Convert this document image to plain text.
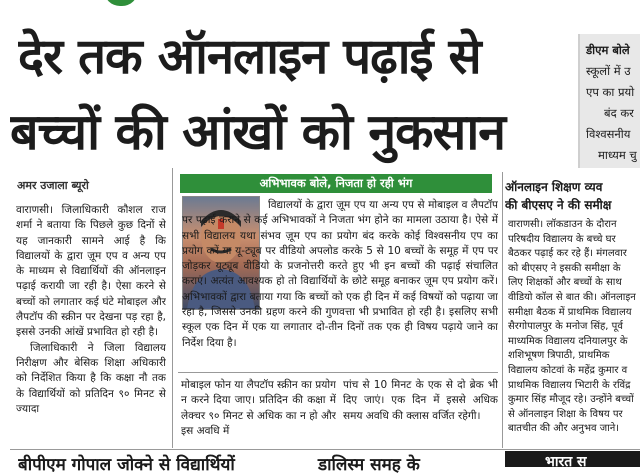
देर तक ऑनलाइन पढ़ाई से
बच्चों की आंखों को नुकसान
डीएम बोले
स्कूलों में उ
एप का प्रयो
बंद कर
विश्वसनीय
माध्यम चु
अमर उजाला ब्यूरो

वाराणसी। जिलाधिकारी कौशल राज शर्मा ने बताया कि पिछले कुछ दिनों से यह जानकारी सामने आई है कि विद्यालयों के द्वारा ज़ूम एप व अन्य एप के माध्यम से विद्यार्थियों की ऑनलाइन पढ़ाई करायी जा रही है। ऐसा करने से बच्चों को लगातार कई घंटे मोबाइल और लैपटॉप की स्क्रीन पर देखना पड़ रहा है, इससे उनकी आंखें प्रभावित हो रही है।

जिलाधिकारी ने जिला विद्यालय निरीक्षण और बेसिक शिक्षा अधिकारी को निर्देशित किया है कि कक्षा नौ तक के विद्यार्थियों को प्रतिदिन ९० मिनट से ज्यादा

अभिभावक बोले, निजता हो रही भंग
विद्यालयों के द्वारा ज़ूम एप या अन्य एप से मोबाइल व लैपटॉप पर पढ़ाई कराने से कई अभिभावकों ने निजता भंग होने का मामला उठाया है। ऐसे में सभी विद्यालय यथा संभव ज़ूम एप का प्रयोग बंद करके कोई विश्वसनीय एप का प्रयोग करें या यू-ट्यूब पर वीडियो अपलोड करके 5 से 10 बच्चों के समूह में एप पर जोड़कर यूट्यूब वीडियो के प्रजनोत्तरी करते हुए भी इन बच्चों की पढ़ाई संचालित कराएं। अत्यंत आवश्यक हो तो विद्यार्थियों के छोटे समूह बनाकर ज़ूम एप प्रयोग करें। अभिभावकों द्वारा बताया गया कि बच्चों को एक ही दिन में कई विषयों को पढ़ाया जा रहा है, जिससे उनकी ग्रहण करने की गुणवत्ता भी प्रभावित हो रही है। इसलिए सभी स्कूल एक दिन में एक या लगातार दो-तीन दिनों तक एक ही विषय पढ़ाये जाने का निर्देश दिया है।
मोबाइल फोन या लैपटॉप स्क्रीन का प्रयोग न करने दिया जाए। प्रतिदिन की कक्षा में लेक्चर ९० मिनट से अधिक का न हो और इस अवधि में
पांच से 10 मिनट के एक से दो ब्रेक भी दिए जाएं। एक दिन में इससे अधिक समय अवधि की क्लास वर्जित रहेगी।
ऑनलाइन शिक्षण व्यव
की बीएसए ने की समीक्ष
वाराणसी। लॉकडाउन के दौरान परिषदीय विद्यालय के बच्चे घर बैठकर पढ़ाई कर रहे हैं। मंगलवार को बीएसए ने इसकी समीक्षा के लिए शिक्षकों और बच्चों के साथ वीडियो कॉल से बात की। ऑनलाइन समीक्षा बैठक में प्राथमिक विद्यालय सैरगोपालपुर के मनोज सिंह, पूर्व माध्यमिक विद्यालय दनियालपुर के शशिभूषण त्रिपाठी, प्राथमिक विद्यालय कोटवां के महेंद्र कुमार व प्राथमिक विद्यालय भिटारी के रविंद्र कुमार सिंह मौजूद रहे। उन्होंने बच्चों से ऑनलाइन शिक्षा के विषय पर बातचीत की और अनुभव जाने।
बीपीएम गोपाल जोक्ने से विद्यार्थियों	डालिस्म समह के	भारत स
